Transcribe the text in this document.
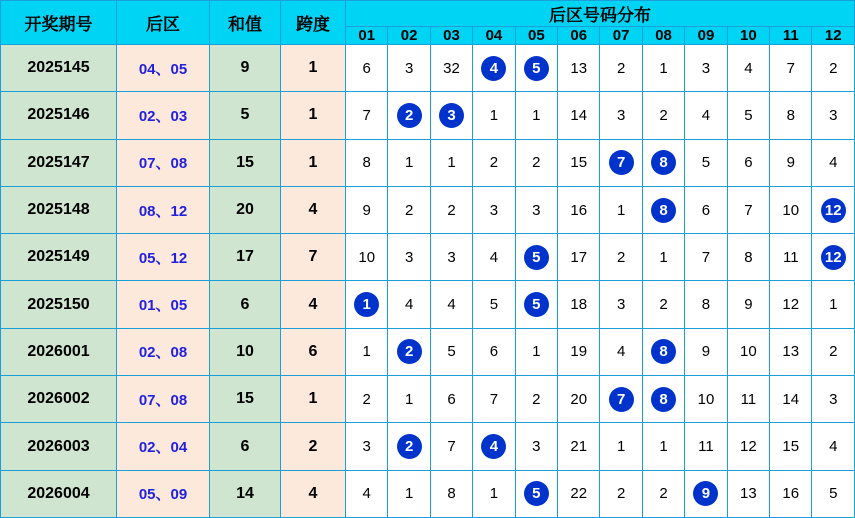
开奖期号	后区	和值	跨度	后区号码分布											
				01	02	03	04	05	06	07	08	09	10	11	12
2025145	04、05	9	1	6	3	32	4	5	13	2	1	3	4	7	2
2025146	02、03	5	1	7	2	3	1	1	14	3	2	4	5	8	3
2025147	07、08	15	1	8	1	1	2	2	15	7	8	5	6	9	4
2025148	08、12	20	4	9	2	2	3	3	16	1	8	6	7	10	12
2025149	05、12	17	7	10	3	3	4	5	17	2	1	7	8	11	12
2025150	01、05	6	4	1	4	4	5	5	18	3	2	8	9	12	1
2026001	02、08	10	6	1	2	5	6	1	19	4	8	9	10	13	2
2026002	07、08	15	1	2	1	6	7	2	20	7	8	10	11	14	3
2026003	02、04	6	2	3	2	7	4	3	21	1	1	11	12	15	4
2026004	05、09	14	4	4	1	8	1	5	22	2	2	9	13	16	5
